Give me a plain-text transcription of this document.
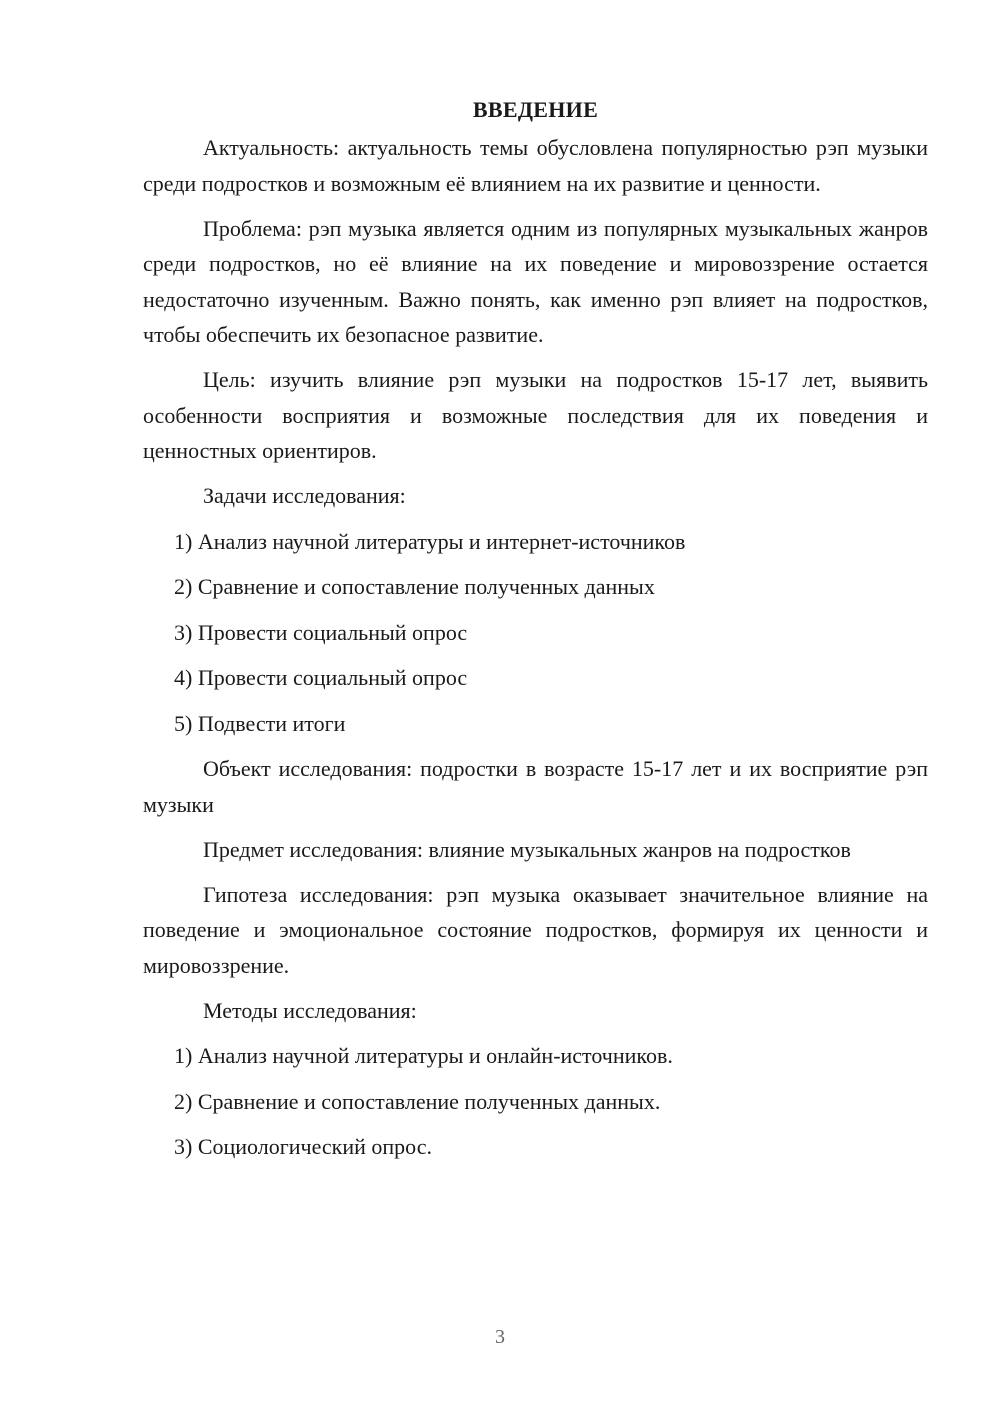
ВВЕДЕНИЕ

Актуальность: актуальность темы обусловлена популярностью рэп музыки среди подростков и возможным её влиянием на их развитие и ценности.

Проблема: рэп музыка является одним из популярных музыкальных жанров среди подростков, но её влияние на их поведение и мировоззрение остается недостаточно изученным. Важно понять, как именно рэп влияет на подростков, чтобы обеспечить их безопасное развитие.

Цель: изучить влияние рэп музыки на подростков 15-17 лет, выявить особенности восприятия и возможные последствия для их поведения и ценностных ориентиров.

Задачи исследования:
1) Анализ научной литературы и интернет-источников
2) Сравнение и сопоставление полученных данных
3) Провести социальный опрос
4) Провести социальный опрос
5) Подвести итоги

Объект исследования: подростки в возрасте 15-17 лет и их восприятие рэп музыки

Предмет исследования: влияние музыкальных жанров на подростков

Гипотеза исследования: рэп музыка оказывает значительное влияние на поведение и эмоциональное состояние подростков, формируя их ценности и мировоззрение.

Методы исследования:
1) Анализ научной литературы и онлайн-источников.
2) Сравнение и сопоставление полученных данных.
3) Социологический опрос.
3
